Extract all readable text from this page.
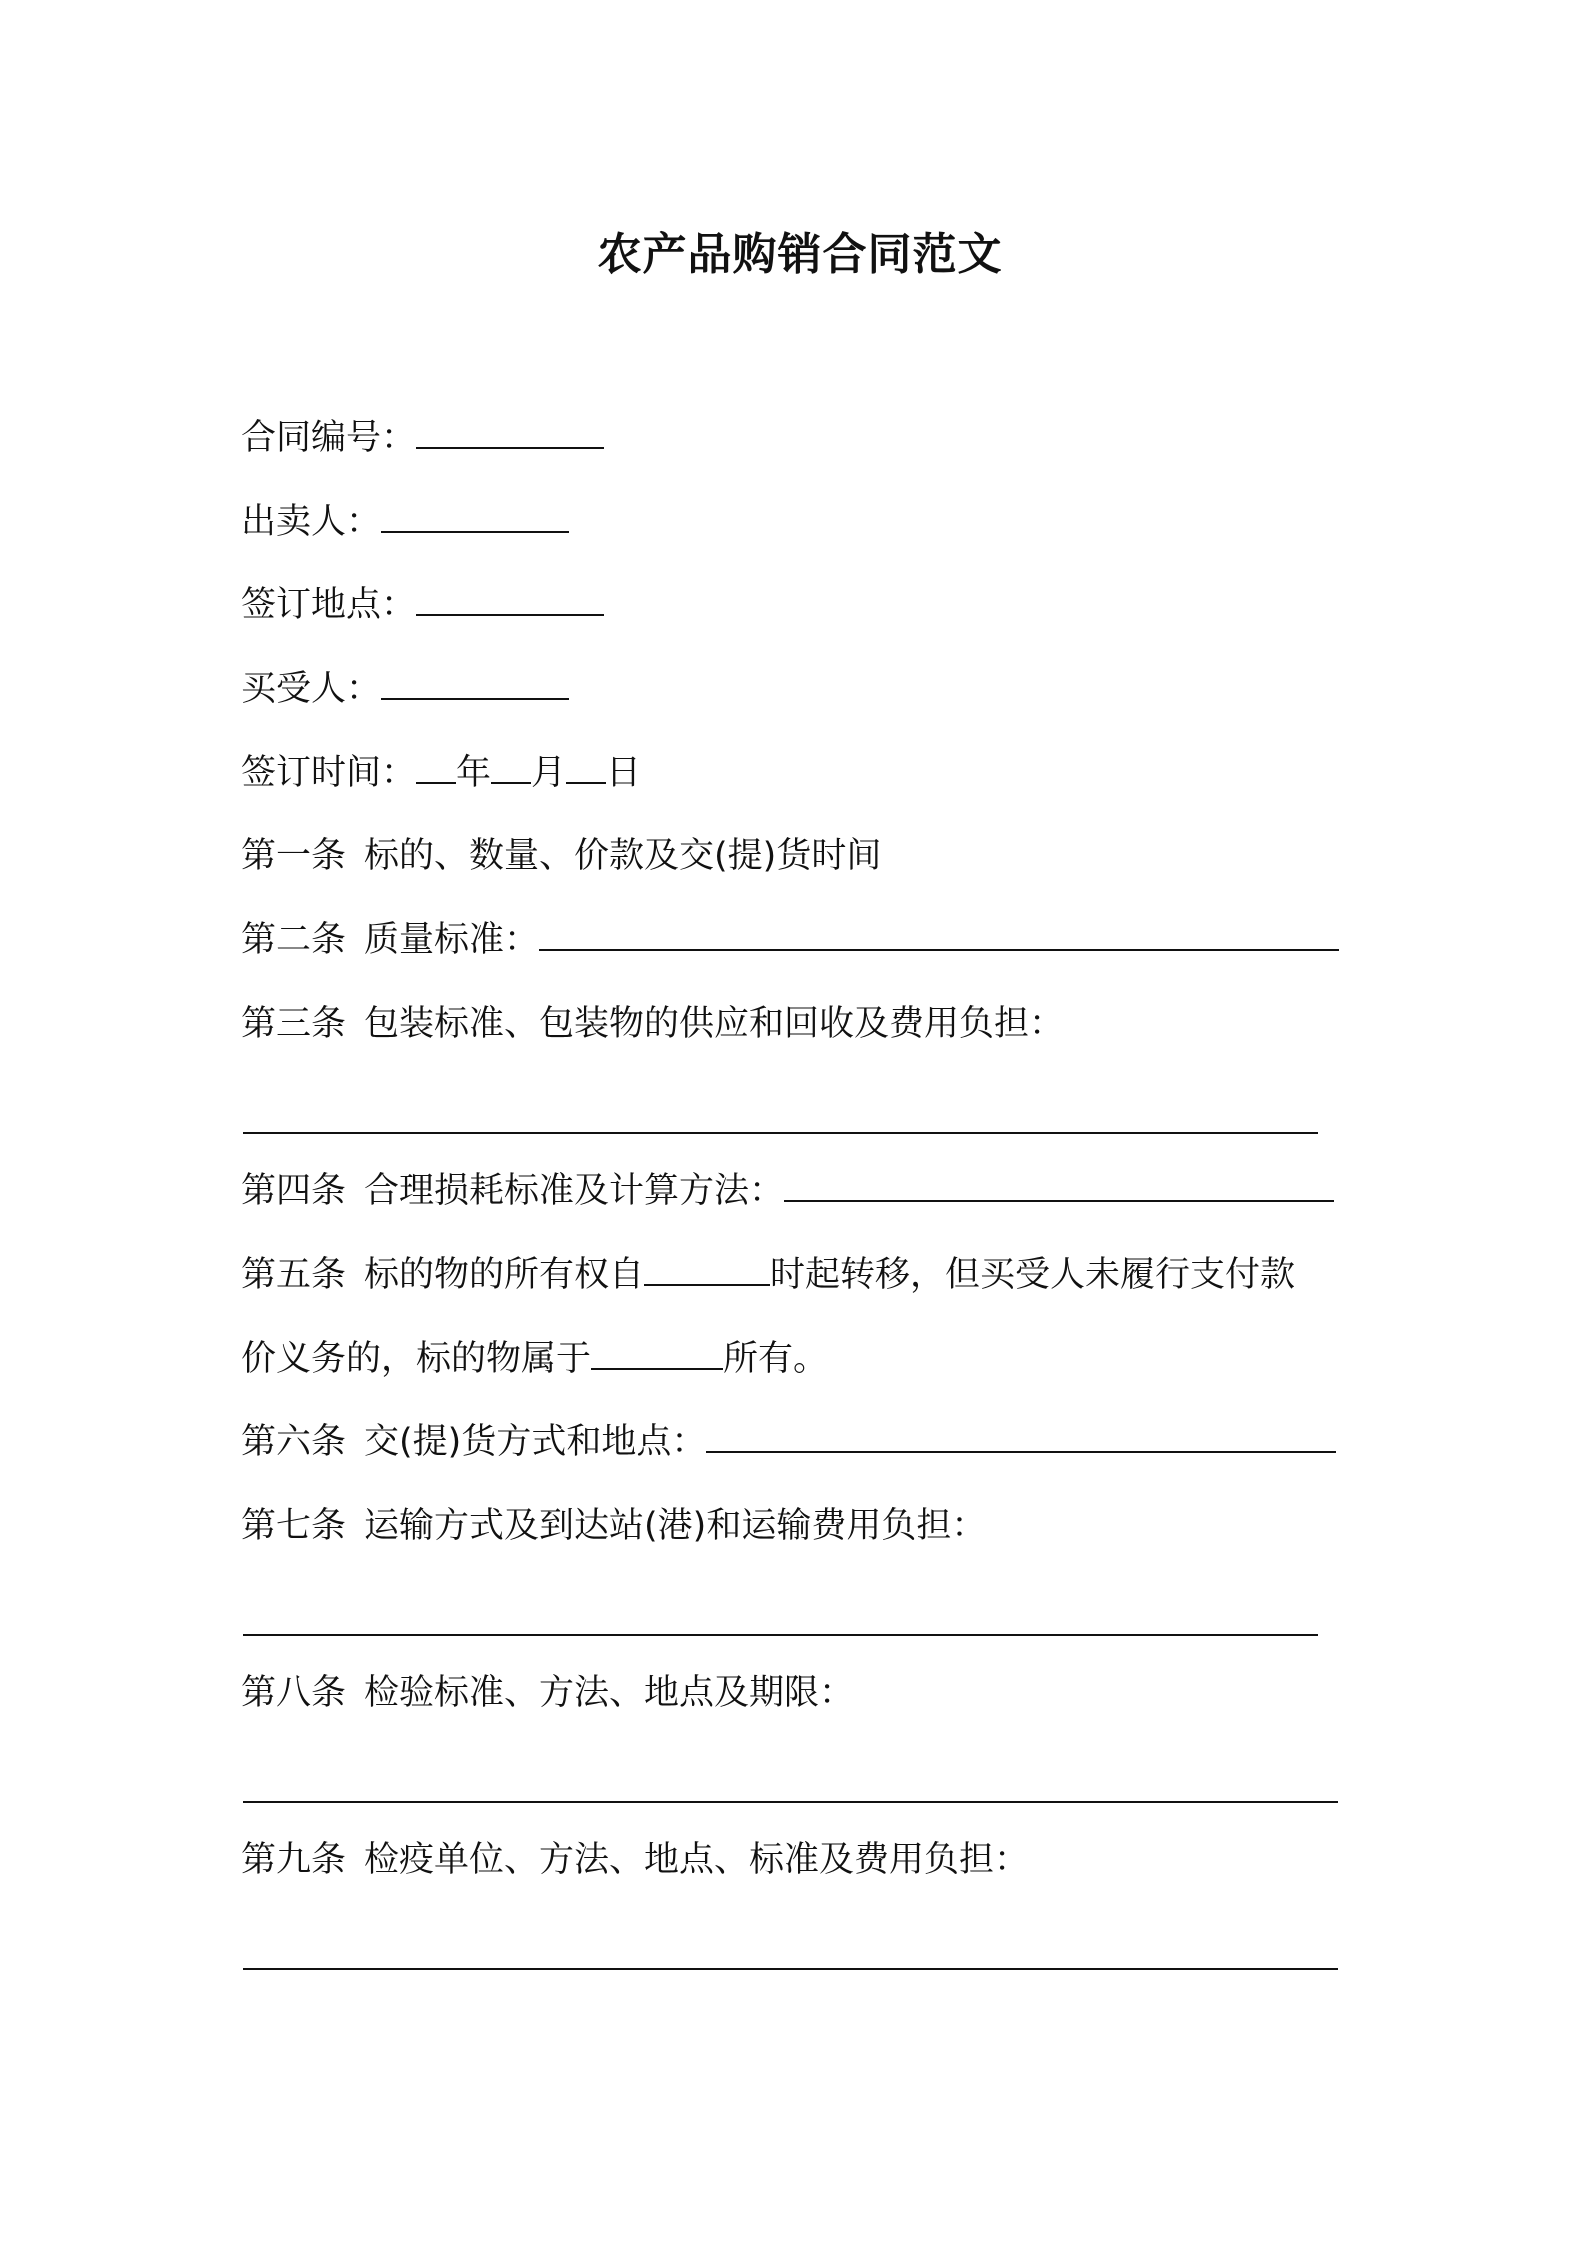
农产品购销合同范文
合同编号：
出卖人：
签订地点：
买受人：
签订时间： 年 月 日
第一条 标的、数量、价款及交(提)货时间
第二条 质量标准：
第三条 包装标准、包装物的供应和回收及费用负担：
第四条 合理损耗标准及计算方法：
第五条 标的物的所有权自	时起转移，但买受人未履行支付款
价义务的，标的物属于	所有。
第六条 交(提)货方式和地点：
第七条 运输方式及到达站(港)和运输费用负担：
第八条 检验标准、方法、地点及期限：
第九条 检疫单位、方法、地点、标准及费用负担：
